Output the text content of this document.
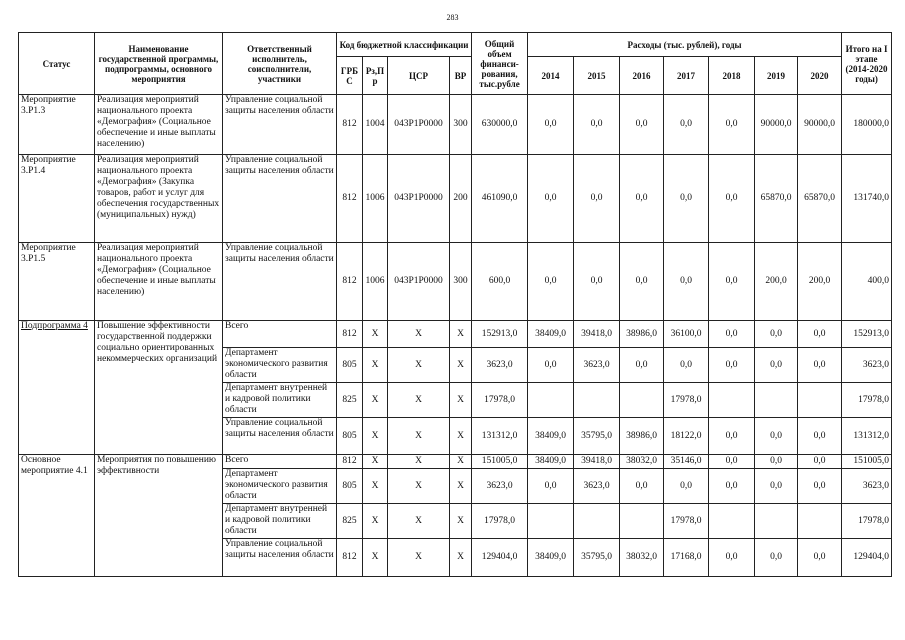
283
Статус	Наименование государственной программы, подпрограммы, основного мероприятия	Ответственный исполнитель, соисполнители, участники	Код бюджетной классификации				Общий объем финанси-рования, тыс.рубле	Расходы (тыс. рублей), годы							Итого на I этапе (2014-2020 годы)
			ГРБ С	Рз,П р	ЦСР	ВР		2014	2015	2016	2017	2018	2019	2020	
Мероприятие 3.Р1.3	Реализация мероприятий национального проекта «Демография» (Социальное обеспечение и иные выплаты населению)	Управление социальной защиты населения области	812	1004	043Р1Р0000	300	630000,0	0,0	0,0	0,0	0,0	0,0	90000,0	90000,0	180000,0
Мероприятие 3.Р1.4	Реализация мероприятий национального проекта «Демография» (Закупка товаров, работ и услуг для обеспечения государственных (муниципальных) нужд)	Управление социальной защиты населения области	812	1006	043Р1Р0000	200	461090,0	0,0	0,0	0,0	0,0	0,0	65870,0	65870,0	131740,0
Мероприятие 3.Р1.5	Реализация мероприятий национального проекта «Демография» (Социальное обеспечение и иные выплаты населению)	Управление социальной защиты населения области	812	1006	043Р1Р0000	300	600,0	0,0	0,0	0,0	0,0	0,0	200,0	200,0	400,0
Подпрограмма 4	Повышение эффективности государственной поддержки социально ориентированных некоммерческих организаций	Всего	812	Х	Х	Х	152913,0	38409,0	39418,0	38986,0	36100,0	0,0	0,0	0,0	152913,0
		Департамент экономического развития области	805	Х	Х	Х	3623,0	0,0	3623,0	0,0	0,0	0,0	0,0	0,0	3623,0
		Департамент внутренней и кадровой политики области	825	Х	Х	Х	17978,0				17978,0				17978,0
		Управление социальной защиты населения области	805	Х	Х	Х	131312,0	38409,0	35795,0	38986,0	18122,0	0,0	0,0	0,0	131312,0
Основное мероприятие 4.1	Мероприятия по повышению эффективности	Всего	812	Х	Х	Х	151005,0	38409,0	39418,0	38032,0	35146,0	0,0	0,0	0,0	151005,0
		Департамент экономического развития области	805	Х	Х	Х	3623,0	0,0	3623,0	0,0	0,0	0,0	0,0	0,0	3623,0
		Департамент внутренней и кадровой политики области	825	Х	Х	Х	17978,0				17978,0				17978,0
		Управление социальной защиты населения области	812	Х	Х	Х	129404,0	38409,0	35795,0	38032,0	17168,0	0,0	0,0	0,0	129404,0
